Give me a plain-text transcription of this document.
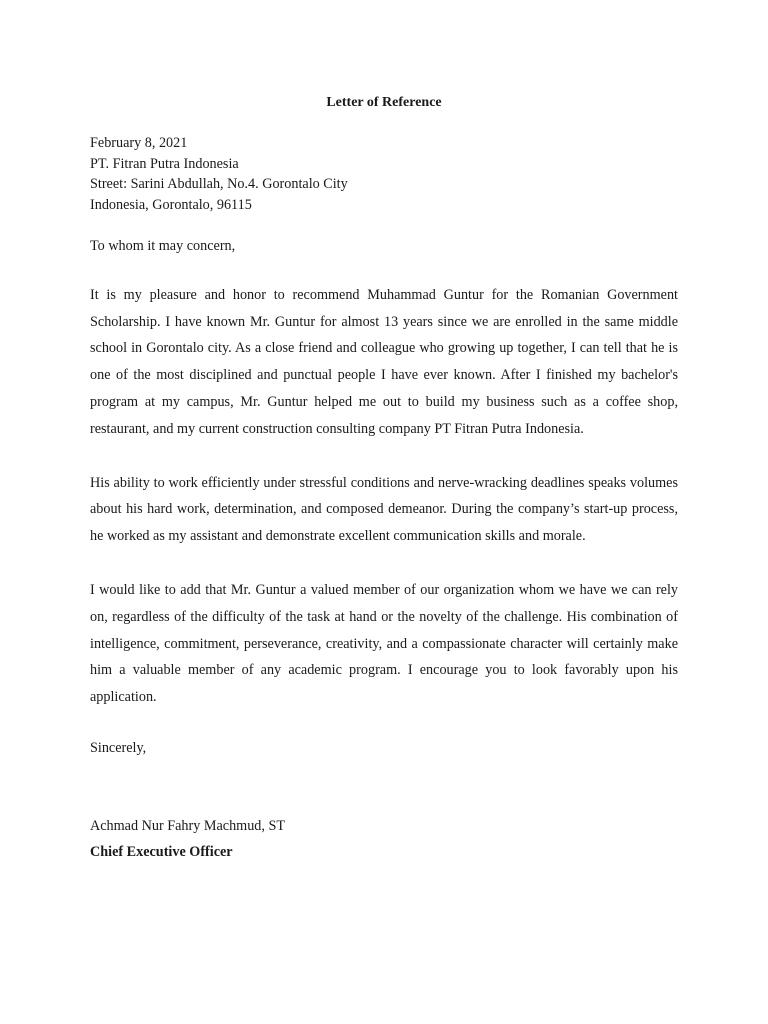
Letter of Reference
February 8, 2021
PT. Fitran Putra Indonesia
Street: Sarini Abdullah, No.4. Gorontalo City
Indonesia, Gorontalo, 96115
To whom it may concern,

It is my pleasure and honor to recommend Muhammad Guntur for the Romanian Government Scholarship. I have known Mr. Guntur for almost 13 years since we are enrolled in the same middle school in Gorontalo city. As a close friend and colleague who growing up together, I can tell that he is one of the most disciplined and punctual people I have ever known. After I finished my bachelor's program at my campus, Mr. Guntur helped me out to build my business such as a coffee shop, restaurant, and my current construction consulting company PT Fitran Putra Indonesia.

His ability to work efficiently under stressful conditions and nerve-wracking deadlines speaks volumes about his hard work, determination, and composed demeanor. During the company’s start-up process, he worked as my assistant and demonstrate excellent communication skills and morale.

I would like to add that Mr. Guntur a valued member of our organization whom we have we can rely on, regardless of the difficulty of the task at hand or the novelty of the challenge. His combination of intelligence, commitment, perseverance, creativity, and a compassionate character will certainly make him a valuable member of any academic program. I encourage you to look favorably upon his application.

Sincerely,
Achmad Nur Fahry Machmud, ST
Chief Executive Officer
